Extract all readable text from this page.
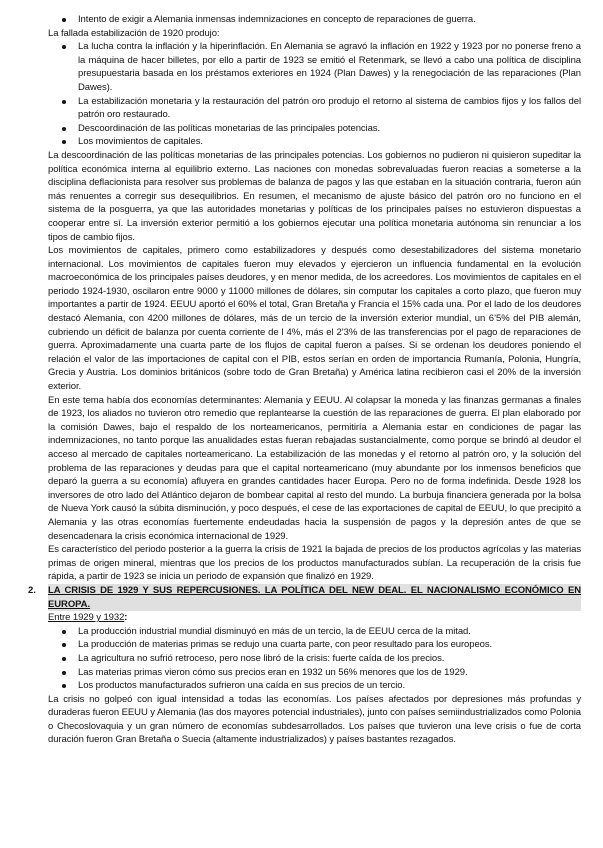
Intento de exigir a Alemania inmensas indemnizaciones en concepto de reparaciones de guerra.
La fallada estabilización de 1920 produjo:
La lucha contra la inflación y la hiperinflación. En Alemania se agravó la inflación en 1922 y 1923 por no ponerse freno a la máquina de hacer billetes, por ello a partir de 1923 se emitió el Retenmark, se llevó a cabo una política de disciplina presupuestaria basada en los préstamos exteriores en 1924 (Plan Dawes) y la renegociación de las reparaciones (Plan Dawes).
La estabilización monetaria y la restauración del patrón oro produjo el retorno al sistema de cambios fijos y los fallos del patrón oro restaurado.
Descoordinación de las políticas monetarias de las principales potencias.
Los movimientos de capitales.

La descoordinación de las políticas monetarias de las principales potencias. Los gobiernos no pudieron ni quisieron supeditar la política económica interna al equilibrio externo. Las naciones con monedas sobrevaluadas fueron reacias a someterse a la disciplina deflacionista para resolver sus problemas de balanza de pagos y las que estaban en la situación contraria, fueron aún más renuentes a corregir sus desequilibrios. En resumen, el mecanismo de ajuste básico del patrón oro no funciono en el sistema de la posguerra, ya que las autoridades monetarias y políticas de los principales países no estuvieron dispuestas a cooperar entre sí. La inversión exterior permitió a los gobiernos ejecutar una política monetaria autónoma sin renunciar a los tipos de cambio fijos.

Los movimientos de capitales, primero como estabilizadores y después como desestabilizadores del sistema monetario internacional. Los movimientos de capitales fueron muy elevados y ejercieron un influencia fundamental en la evolución macroeconómica de los principales países deudores, y en menor medida, de los acreedores. Los movimientos de capitales en el periodo 1924-1930, oscilaron entre 9000 y 11000 millones de dólares, sin computar los capitales a corto plazo, que fueron muy importantes a partir de 1924. EEUU aportó el 60% el total, Gran Bretaña y Francia el 15% cada una. Por el lado de los deudores destacó Alemania, con 4200 millones de dólares, más de un tercio de la inversión exterior mundial, un 6’5% del PIB alemán, cubriendo un déficit de balanza por cuenta corriente de l 4%, más el 2’3% de las transferencias por el pago de reparaciones de guerra. Aproximadamente una cuarta parte de los flujos de capital fueron a países. Si se ordenan los deudores poniendo el relación el valor de las importaciones de capital con el PIB, estos serían en orden de importancia Rumanía, Polonia, Hungría, Grecia y Austria. Los dominios británicos (sobre todo de Gran Bretaña) y América latina recibieron casi el 20% de la inversión exterior.

En este tema había dos economías determinantes: Alemania y EEUU. Al colapsar la moneda y las finanzas germanas a finales de 1923, los aliados no tuvieron otro remedio que replantearse la cuestión de las reparaciones de guerra. El plan elaborado por la comisión Dawes, bajo el respaldo de los norteamericanos, permitiría a Alemania estar en condiciones de pagar las indemnizaciones, no tanto porque las anualidades estas fueran rebajadas sustancialmente, como porque se brindó al deudor el acceso al mercado de capitales norteamericano. La estabilización de las monedas y el retorno al patrón oro, y la solución del problema de las reparaciones y deudas para que el capital norteamericano (muy abundante por los inmensos beneficios que deparó la guerra a su economía) afluyera en grandes cantidades hacer Europa. Pero no de forma indefinida. Desde 1928 los inversores de otro lado del Atlántico dejaron de bombear capital al resto del mundo. La burbuja financiera generada por la bolsa de Nueva York causó la súbita disminución, y poco después, el cese de las exportaciones de capital de EEUU, lo que precipitó a Alemania y las otras economías fuertemente endeudadas hacia la suspensión de pagos y la depresión antes de que se desencadenara la crisis económica internacional de 1929.

Es característico del periodo posterior a la guerra la crisis de 1921 la bajada de precios de los productos agrícolas y las materias primas de origen mineral, mientras que los precios de los productos manufacturados subían. La recuperación de la crisis fue rápida, a partir de 1923 se inicia un periodo de expansión que finalizó en 1929.

2. LA CRISIS DE 1929 Y SUS REPERCUSIONES. LA POLÍTICA DEL NEW DEAL. EL NACIONALISMO ECONÓMICO EN EUROPA.
Entre 1929 y 1932:
La producción industrial mundial disminuyó en más de un tercio, la de EEUU cerca de la mitad.
La producción de materias primas se redujo una cuarta parte, con peor resultado para los europeos.
La agricultura no sufrió retroceso, pero nose libró de la crisis: fuerte caída de los precios.
Las materias primas vieron cómo sus precios eran en 1932 un 56% menores que los de 1929.
Los productos manufacturados sufrieron una caída en sus precios de un tercio.

La crisis no golpeó con igual intensidad a todas las economías. Los países afectados por depresiones más profundas y duraderas fueron EEUU y Alemania (las dos mayores potencial industriales), junto con países semiindustrializados como Polonia o Checoslovaquia y un gran número de economías subdesarrollados. Los países que tuvieron una leve crisis o fue de corta duración fueron Gran Bretaña o Suecia (altamente industrializados) y países bastantes rezagados.
